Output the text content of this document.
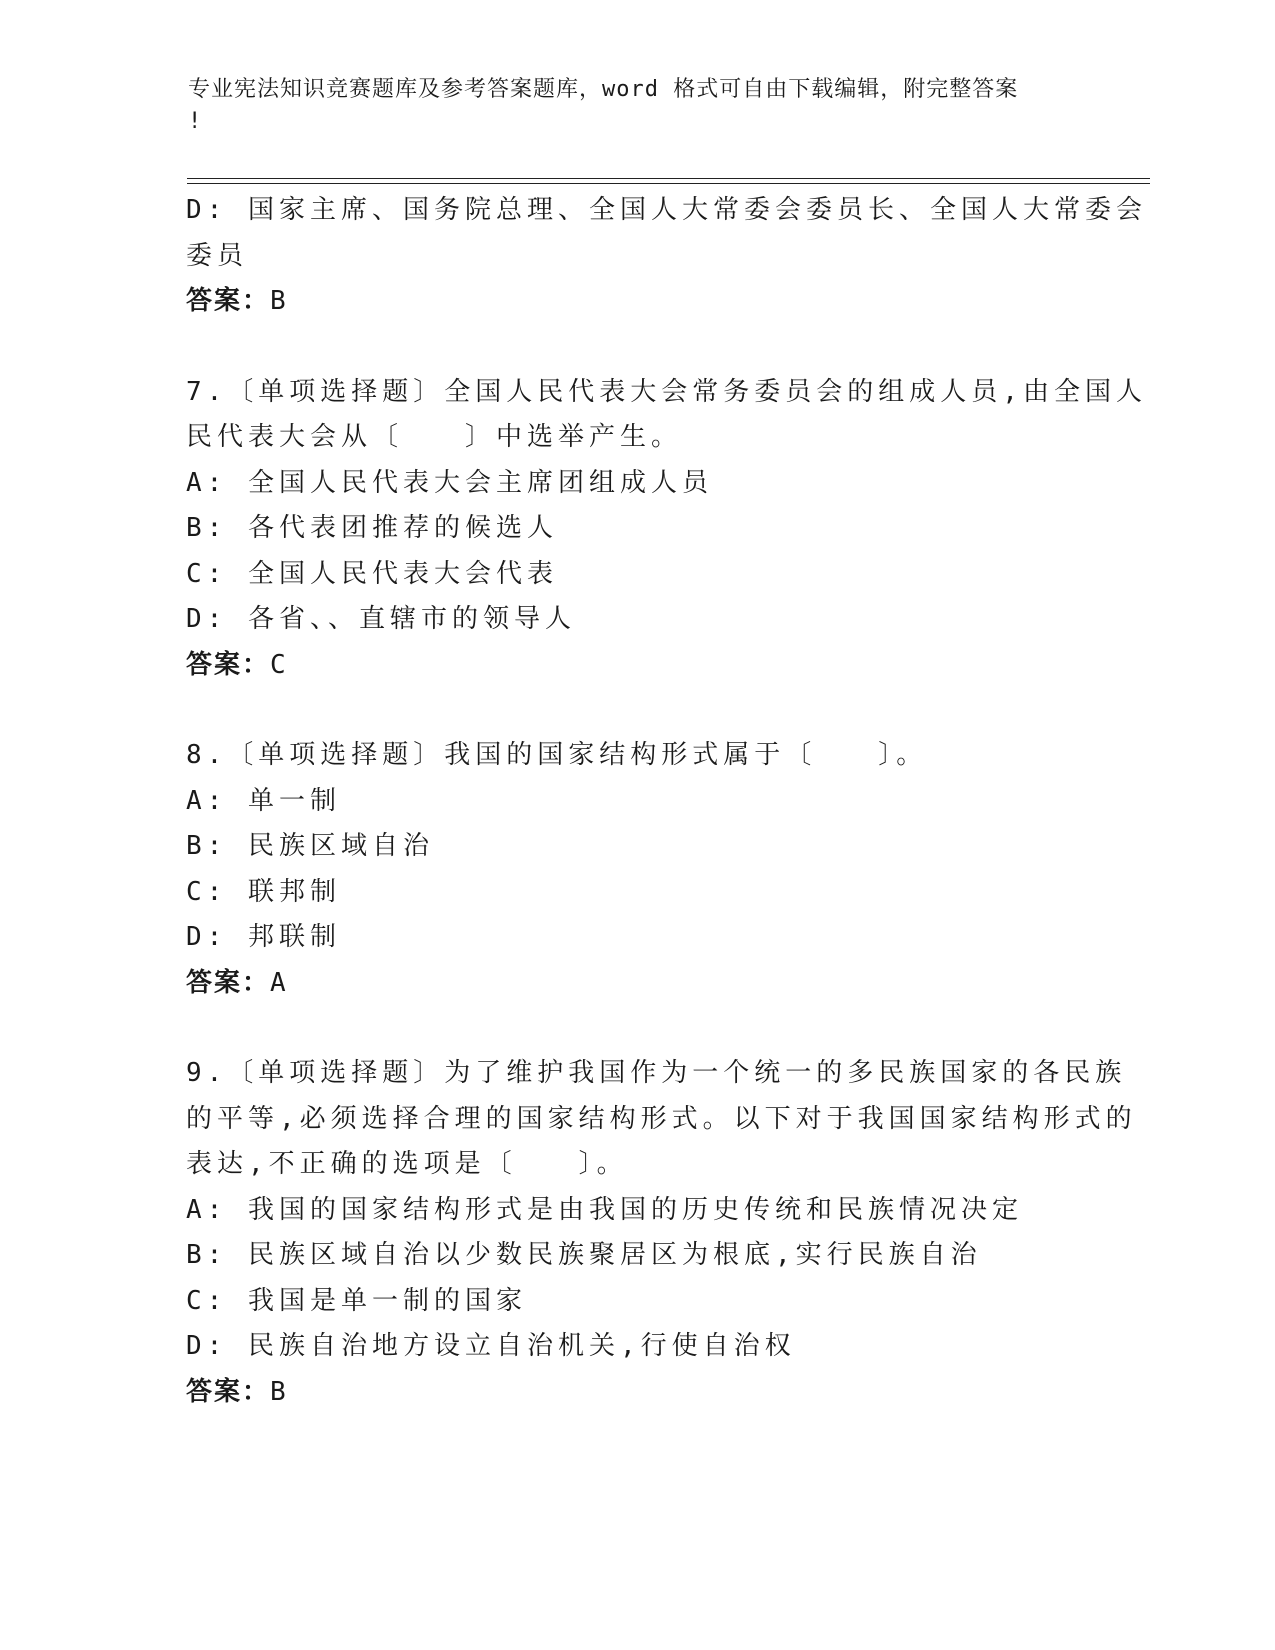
专业宪法知识竞赛题库及参考答案题库，word 格式可自由下载编辑，附完整答案
!
D: 国家主席、国务院总理、全国人大常委会委员长、全国人大常委会
委员
答案：B
7.〔单项选择题〕全国人民代表大会常务委员会的组成人员,由全国人
民代表大会从〔   〕中选举产生。
A: 全国人民代表大会主席团组成人员
B: 各代表团推荐的候选人
C: 全国人民代表大会代表
D: 各省、、直辖市的领导人
答案：C
8.〔单项选择题〕我国的国家结构形式属于〔   〕。
A: 单一制
B: 民族区域自治
C: 联邦制
D: 邦联制
答案：A
9.〔单项选择题〕为了维护我国作为一个统一的多民族国家的各民族
的平等,必须选择合理的国家结构形式。以下对于我国国家结构形式的
表达,不正确的选项是〔   〕。
A: 我国的国家结构形式是由我国的历史传统和民族情况决定
B: 民族区域自治以少数民族聚居区为根底,实行民族自治
C: 我国是单一制的国家
D: 民族自治地方设立自治机关,行使自治权
答案：B
